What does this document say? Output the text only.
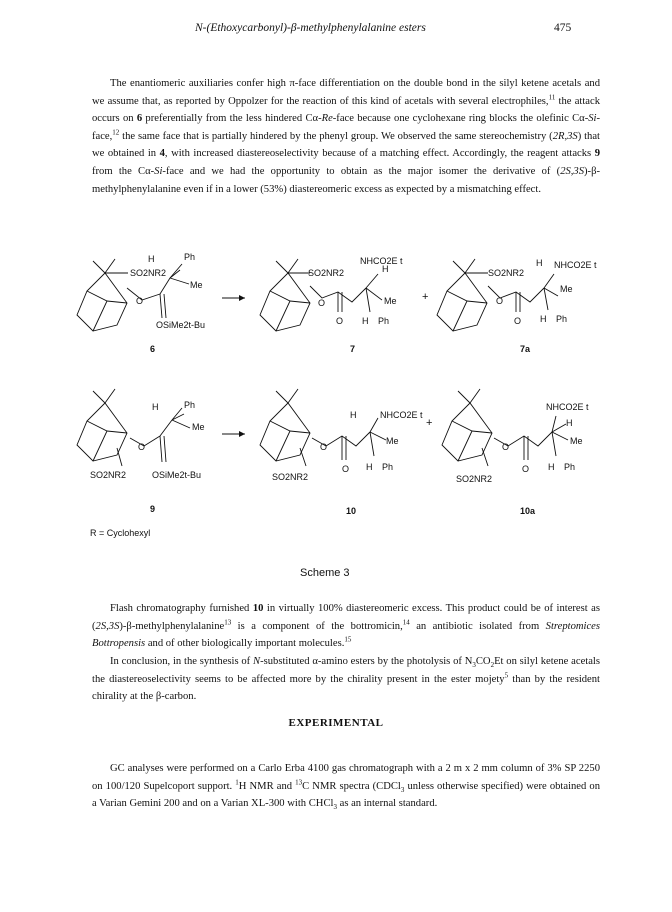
N-(Ethoxycarbonyl)-β-methylphenylalanine esters	475

The enantiomeric auxiliaries confer high π-face differentiation on the double bond in the silyl ketene acetals and we assume that, as reported by Oppolzer for the reaction of this kind of acetals with several electrophiles,$^{11}$ the attack occurs on 6 preferentially from the less hindered Cα-Re-face because one cyclohexane ring blocks the olefinic Cα-Si-face,$^{12}$ the same face that is partially hindered by the phenyl group. We observed the same stereochemistry (2R,3S) that we obtained in 4, with increased diastereoselectivity because of a matching effect. Accordingly, the reagent attacks 9 from the Cα-Si-face and we had the opportunity to obtain as the major isomer the derivative of (2S,3S)-β-methylphenylalanine even if in a lower (53%) diastereomeric excess as expected by a mismatching effect.

H	Ph
Me
SO2NR2
O
OSiMe2t-Bu
6
NHCO2E t
H
SO2NR2
Me
O
O H Ph
7
+
SO2NR2
H NHCO2E t
Me
O
O H Ph
7a
H	Ph
Me
O
SO2NR2	OSiMe2t-Bu
9
H	NHCO2E t
Me
O
SO2NR2
O H Ph
10
+
NHCO2E t
H
Me
O
SO2NR2
O H Ph
10a
R = Cyclohexyl
Scheme 3

Flash chromatography furnished 10 in virtually 100% diastereomeric excess. This product could be of interest as (2S,3S)-β-methylphenylalanine$^{13}$ is a component of the bottromicin,$^{14}$ an antibiotic isolated from Streptomices Bottropensis and of other biologically important molecules.$^{15}$

In conclusion, in the synthesis of N-substituted α-amino esters by the photolysis of $N_3CO_2Et$ on silyl ketene acetals the diastereoselectivity seems to be affected more by the chirality present in the ester mojety$^5$ than by the resident chirality at the β-carbon.

EXPERIMENTAL

GC analyses were performed on a Carlo Erba 4100 gas chromatograph with a 2 m x 2 mm column of 3% SP 2250 on 100/120 Supelcoport support. $^1$H NMR and $^{13}$C NMR spectra (CDCl$_3$ unless otherwise specified) were obtained on a Varian Gemini 200 and on a Varian XL-300 with CHCl$_3$ as an internal standard.
